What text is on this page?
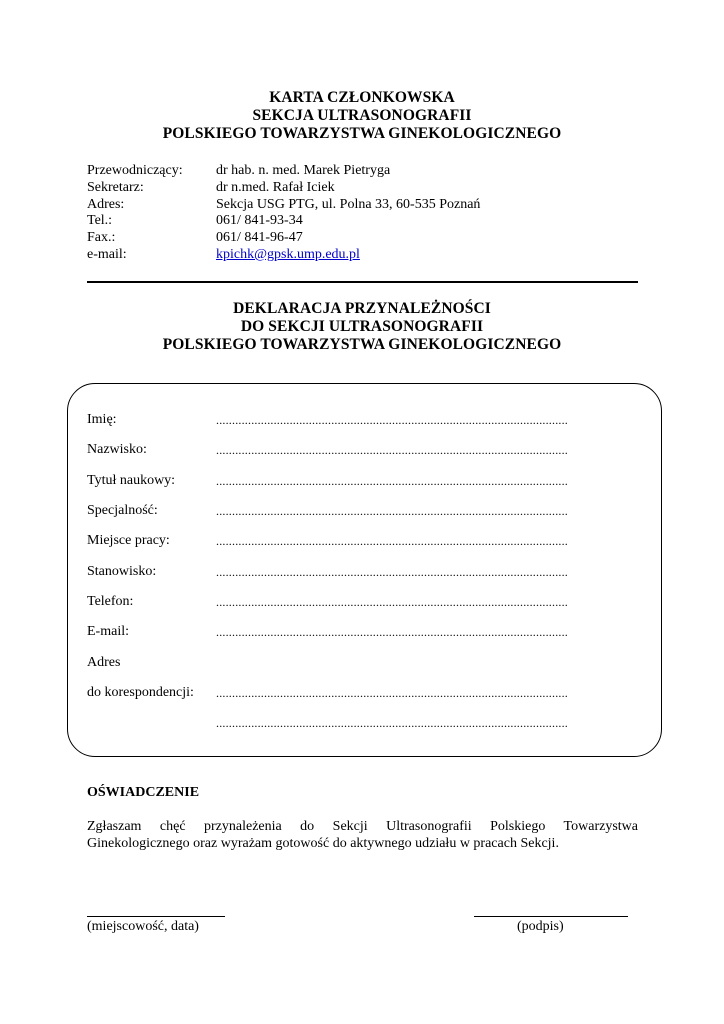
KARTA CZŁONKOWSKA
SEKCJA ULTRASONOGRAFII
POLSKIEGO TOWARZYSTWA GINEKOLOGICZNEGO
Przewodniczący:	dr hab. n. med. Marek Pietryga
Sekretarz:	dr n.med. Rafał Iciek
Adres:	Sekcja USG PTG, ul. Polna 33, 60-535 Poznań
Tel.:	061/ 841-93-34
Fax.:	061/ 841-96-47
e-mail:	kpichk@gpsk.ump.edu.pl
DEKLARACJA PRZYNALEŻNOŚCI
DO SEKCJI ULTRASONOGRAFII
POLSKIEGO TOWARZYSTWA GINEKOLOGICZNEGO
Imię:	..............................................................................................................
Nazwisko:	..............................................................................................................
Tytuł naukowy:	..............................................................................................................
Specjalność:	..............................................................................................................
Miejsce pracy:	..............................................................................................................
Stanowisko:	..............................................................................................................
Telefon:	..............................................................................................................
E-mail:	..............................................................................................................
Adres
do korespondencji: ..............................................................................................................
..............................................................................................................
OŚWIADCZENIE
Zgłaszam chęć przynależenia do Sekcji Ultrasonografii Polskiego Towarzystwa Ginekologicznego oraz wyrażam gotowość do aktywnego udziału w pracach Sekcji.
(miejscowość, data)	(podpis)
